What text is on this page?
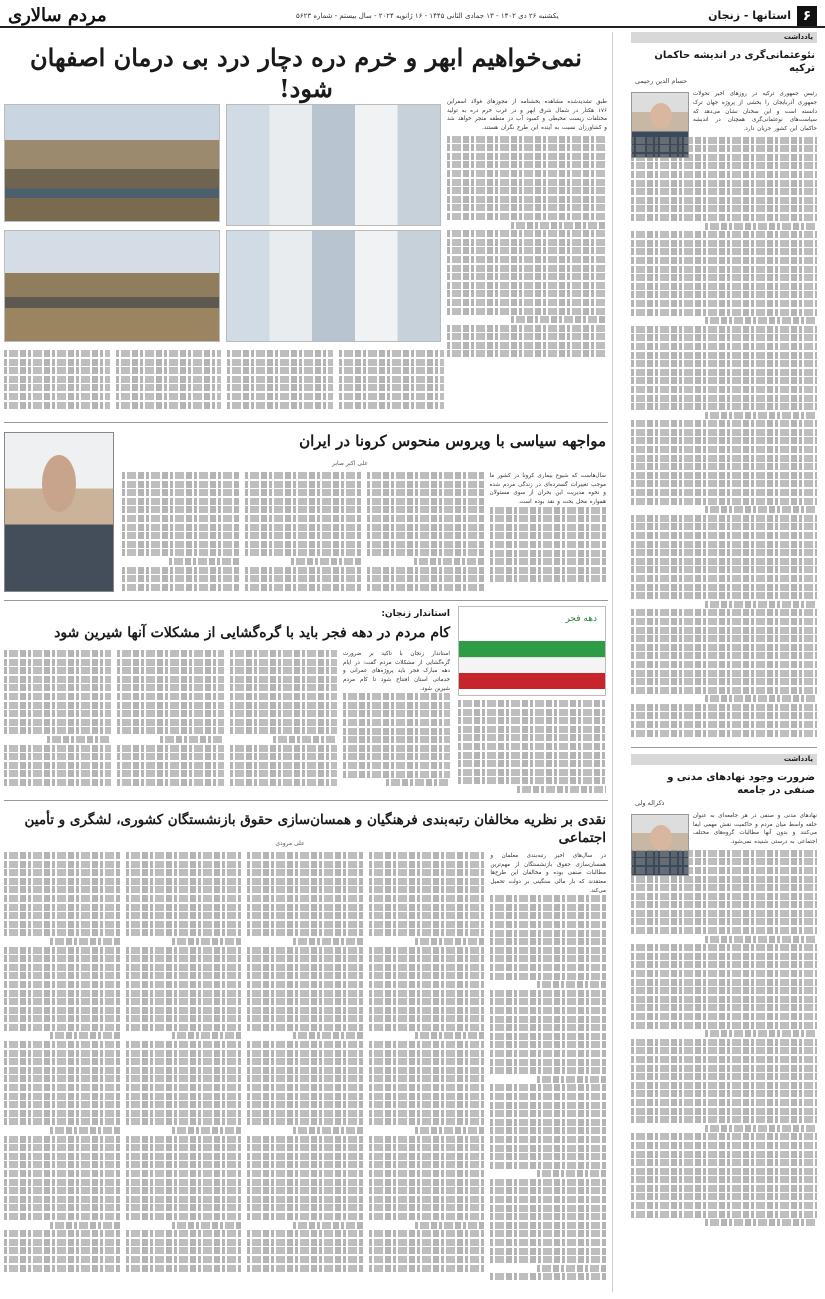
۶
استانها - زنجان
یکشنبه ۲۶ دی ۱۴۰۲ - ۱۳ جمادی الثانی ۱۴۴۵ - ۱۶ ژانویه ۲۰۲۴ - سال بیستم - شماره ۵۶۲۳
مردم سالاری
یادداشت
نئوعثمانی‌گری در اندیشه حاکمان ترکیه
حسام الدین رحیمی
رئیس جمهوری ترکیه در روزهای اخیر تحولات جمهوری آذربایجان را بخشی از پروژه جهان ترک دانسته است و این سخنان نشان می‌دهد که سیاست‌های نوعثمانی‌گری همچنان در اندیشه حاکمان این کشور جریان دارد.
یادداشت
ضرورت وجود نهادهای مدنی و صنفی در جامعه
ذکراله ولی
نهادهای مدنی و صنفی در هر جامعه‌ای به عنوان حلقه واسط میان مردم و حاکمیت نقش مهمی ایفا می‌کنند و بدون آنها مطالبات گروه‌های مختلف اجتماعی به درستی شنیده نمی‌شود.
نمی‌خواهیم ابهر و خرم دره دچار درد بی درمان اصفهان شود!	طبق تشدید‌شده مشاهده بخشنامه از مجوزهای فولاد اسفراین ۱۷۶ هکتار در شمال شرق ابهر و در غرب خرم دره به تولید مختلفات زیست محیطی و کمبود آب در منطقه منجر خواهد شد و کشاورزان نسبت به آینده این طرح نگران هستند.
مواجهه سیاسی با ویروس منحوس کرونا در ایران
علی اکبر صابر
سال‌هاست که شیوع بیماری کرونا در کشور ما موجب تغییرات گسترده‌ای در زندگی مردم شده و نحوه مدیریت این بحران از سوی مسئولان همواره محل بحث و نقد بوده است.
دهه فجر
استاندار زنجان:
کام مردم در دهه فجر باید با گره‌گشایی از مشکلات آنها شیرین شود
استاندار زنجان با تاکید بر ضرورت گره‌گشایی از مشکلات مردم گفت: در ایام دهه مبارک فجر باید پروژه‌های عمرانی و خدماتی استان افتتاح شود تا کام مردم شیرین شود.
نقدی بر نظریه مخالفان رتبه‌بندی فرهنگیان و همسان‌سازی حقوق بازنشستگان کشوری، لشگری و تأمین اجتماعی
علی مرودی
در سال‌های اخیر رتبه‌بندی معلمان و همسان‌سازی حقوق بازنشستگان از مهم‌ترین مطالبات صنفی بوده و مخالفان این طرح‌ها معتقدند که بار مالی سنگینی بر دولت تحمیل می‌کند.
